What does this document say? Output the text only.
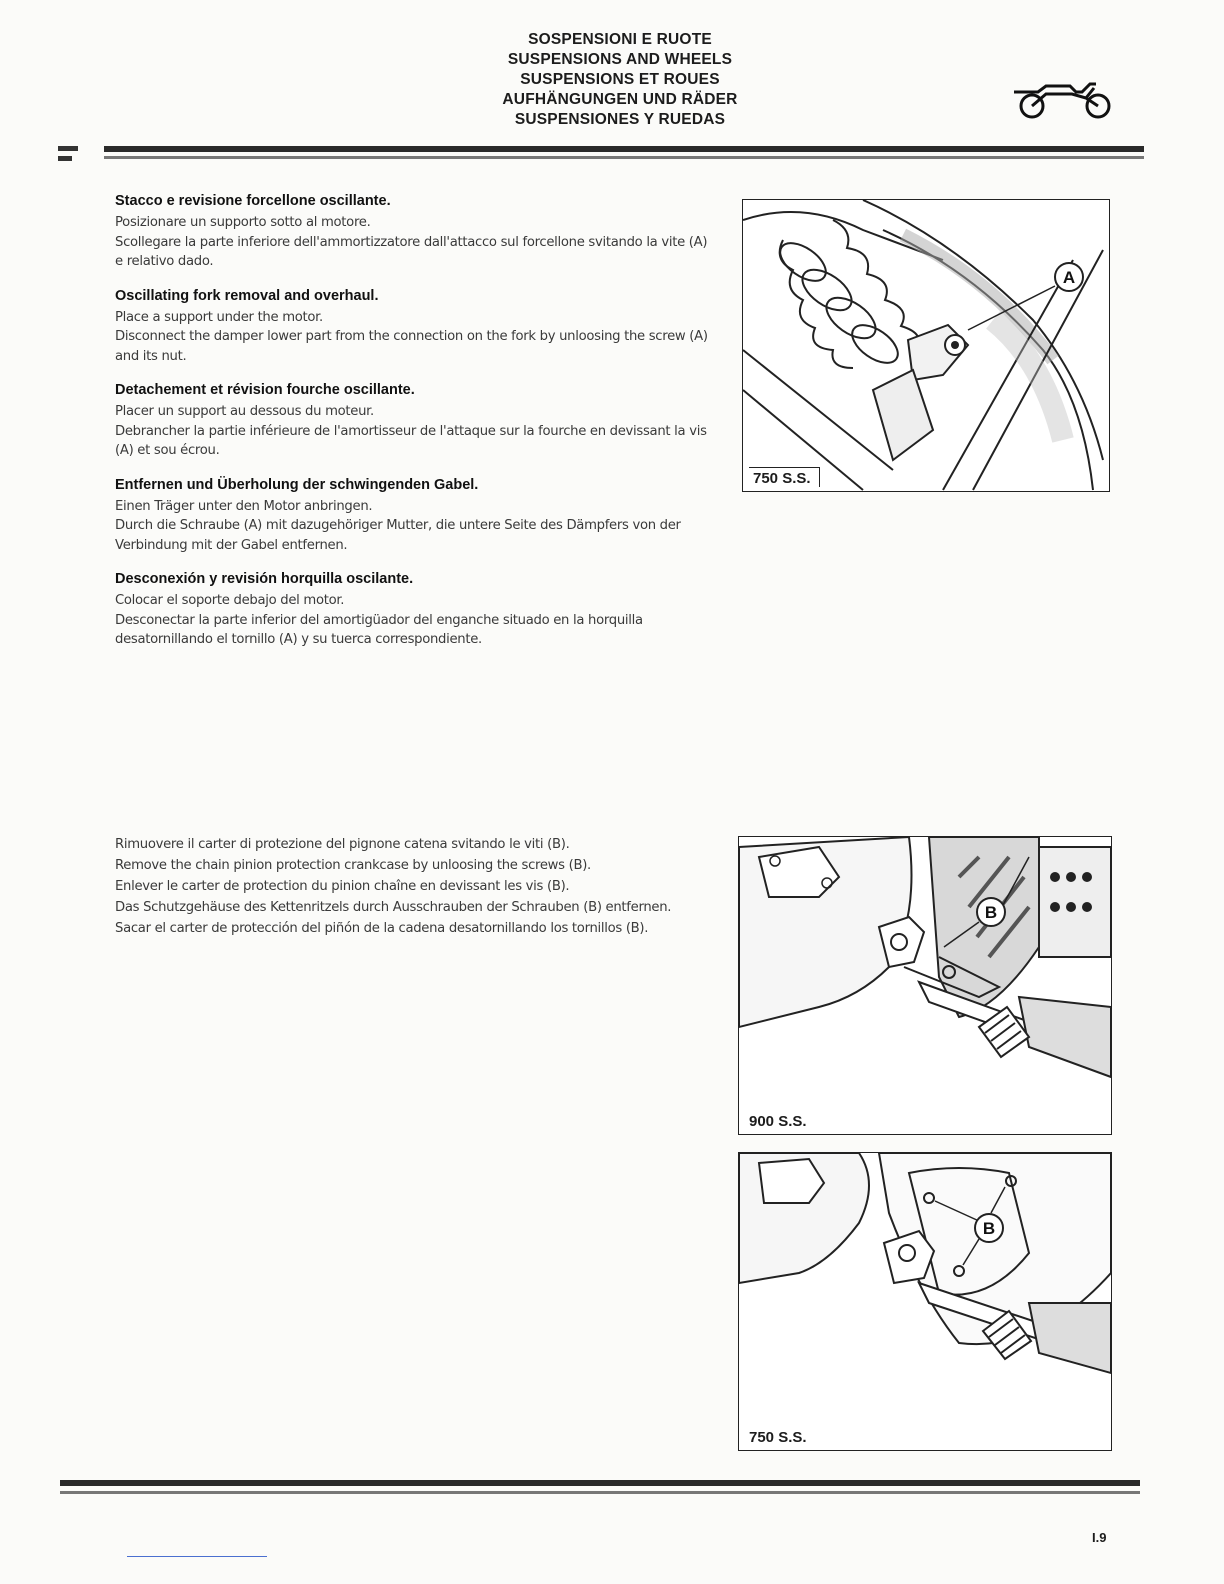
SOSPENSIONI E RUOTE
SUSPENSIONS AND WHEELS
SUSPENSIONS ET ROUES
AUFHÄNGUNGEN UND RÄDER
SUSPENSIONES Y RUEDAS
Stacco e revisione forcellone oscillante.

Posizionare un supporto sotto al motore.

Scollegare la parte inferiore dell'ammortizzatore dall'attacco sul forcellone svitando la vite (A) e relativo dado.

Oscillating fork removal and overhaul.

Place a support under the motor.

Disconnect the damper lower part from the connection on the fork by unloosing the screw (A) and its nut.

Detachement et révision fourche oscillante.

Placer un support au dessous du moteur.

Debrancher la partie inférieure de l'amortisseur de l'attaque sur la fourche en devissant la vis (A) et sou écrou.

Entfernen und Überholung der schwingenden Gabel.

Einen Träger unter den Motor anbringen.

Durch die Schraube (A) mit dazugehöriger Mutter, die untere Seite des Dämpfers von der Verbindung mit der Gabel entfernen.

Desconexión y revisión horquilla oscilante.

Colocar el soporte debajo del motor.

Desconectar la parte inferior del amortigüador del enganche situado en la horquilla desatornillando el tornillo (A) y su tuerca correspondiente.

A
750 S.S.

Rimuovere il carter di protezione del pignone catena svitando le viti (B).

Remove the chain pinion protection crankcase by unloosing the screws (B).

Enlever le carter de protection du pinion chaîne en devissant les vis (B).

Das Schutzgehäuse des Kettenritzels durch Ausschrauben der Schrauben (B) entfernen.

Sacar el carter de protección del piñón de la cadena desatornillando los tornillos (B).

B
900 S.S.
B
750 S.S.
I.9
